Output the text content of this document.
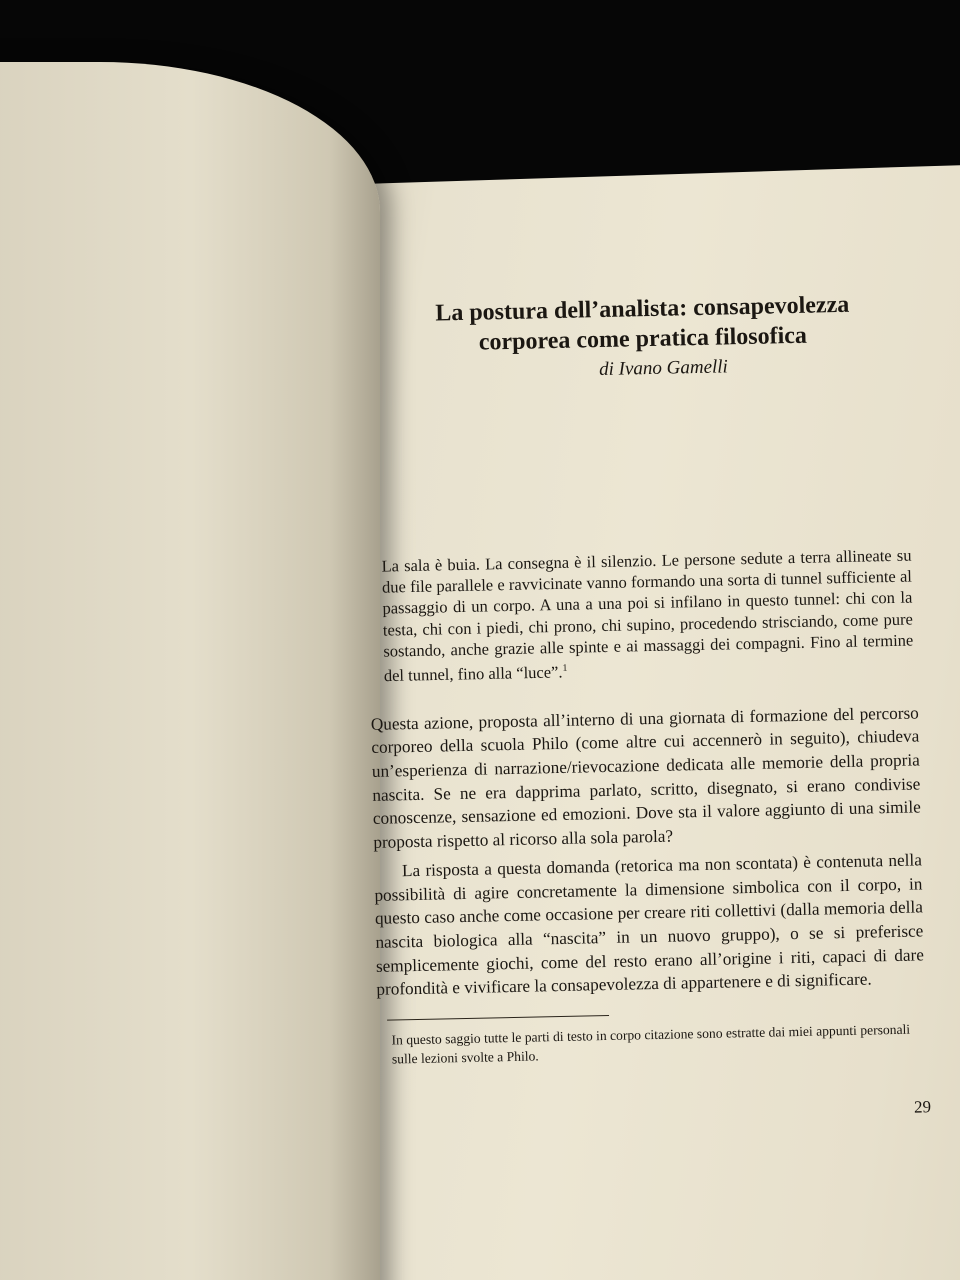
La postura dell’analista: consapevolezza
corporea come pratica filosofica
di Ivano Gamelli
La sala è buia. La consegna è il silenzio. Le persone sedute a terra allineate su due file parallele e ravvicinate vanno formando una sorta di tunnel sufficiente al passaggio di un corpo. A una a una poi si infilano in questo tunnel: chi con la testa, chi con i piedi, chi prono, chi supino, procedendo strisciando, come pure sostando, anche grazie alle spinte e ai massaggi dei compagni. Fino al termine del tunnel, fino alla “luce”.$^1$

Questa azione, proposta all’interno di una giornata di formazione del percorso corporeo della scuola Philo (come altre cui accennerò in seguito), chiudeva un’esperienza di narrazione/rievocazione dedicata alle memorie della propria nascita. Se ne era dapprima parlato, scritto, disegnato, si erano condivise conoscenze, sensazione ed emozioni. Dove sta il valore aggiunto di una simile proposta rispetto al ricorso alla sola parola?

La risposta a questa domanda (retorica ma non scontata) è contenuta nella possibilità di agire concretamente la dimensione simbolica con il corpo, in questo caso anche come occasione per creare riti collettivi (dalla memoria della nascita biologica alla “nascita” in un nuovo gruppo), o se si preferisce semplicemente giochi, come del resto erano all’origine i riti, capaci di dare profondità e vivificare la consapevolezza di appartenere e di significare.

In questo saggio tutte le parti di testo in corpo citazione sono estratte dai miei appunti personali sulle lezioni svolte a Philo.
29
